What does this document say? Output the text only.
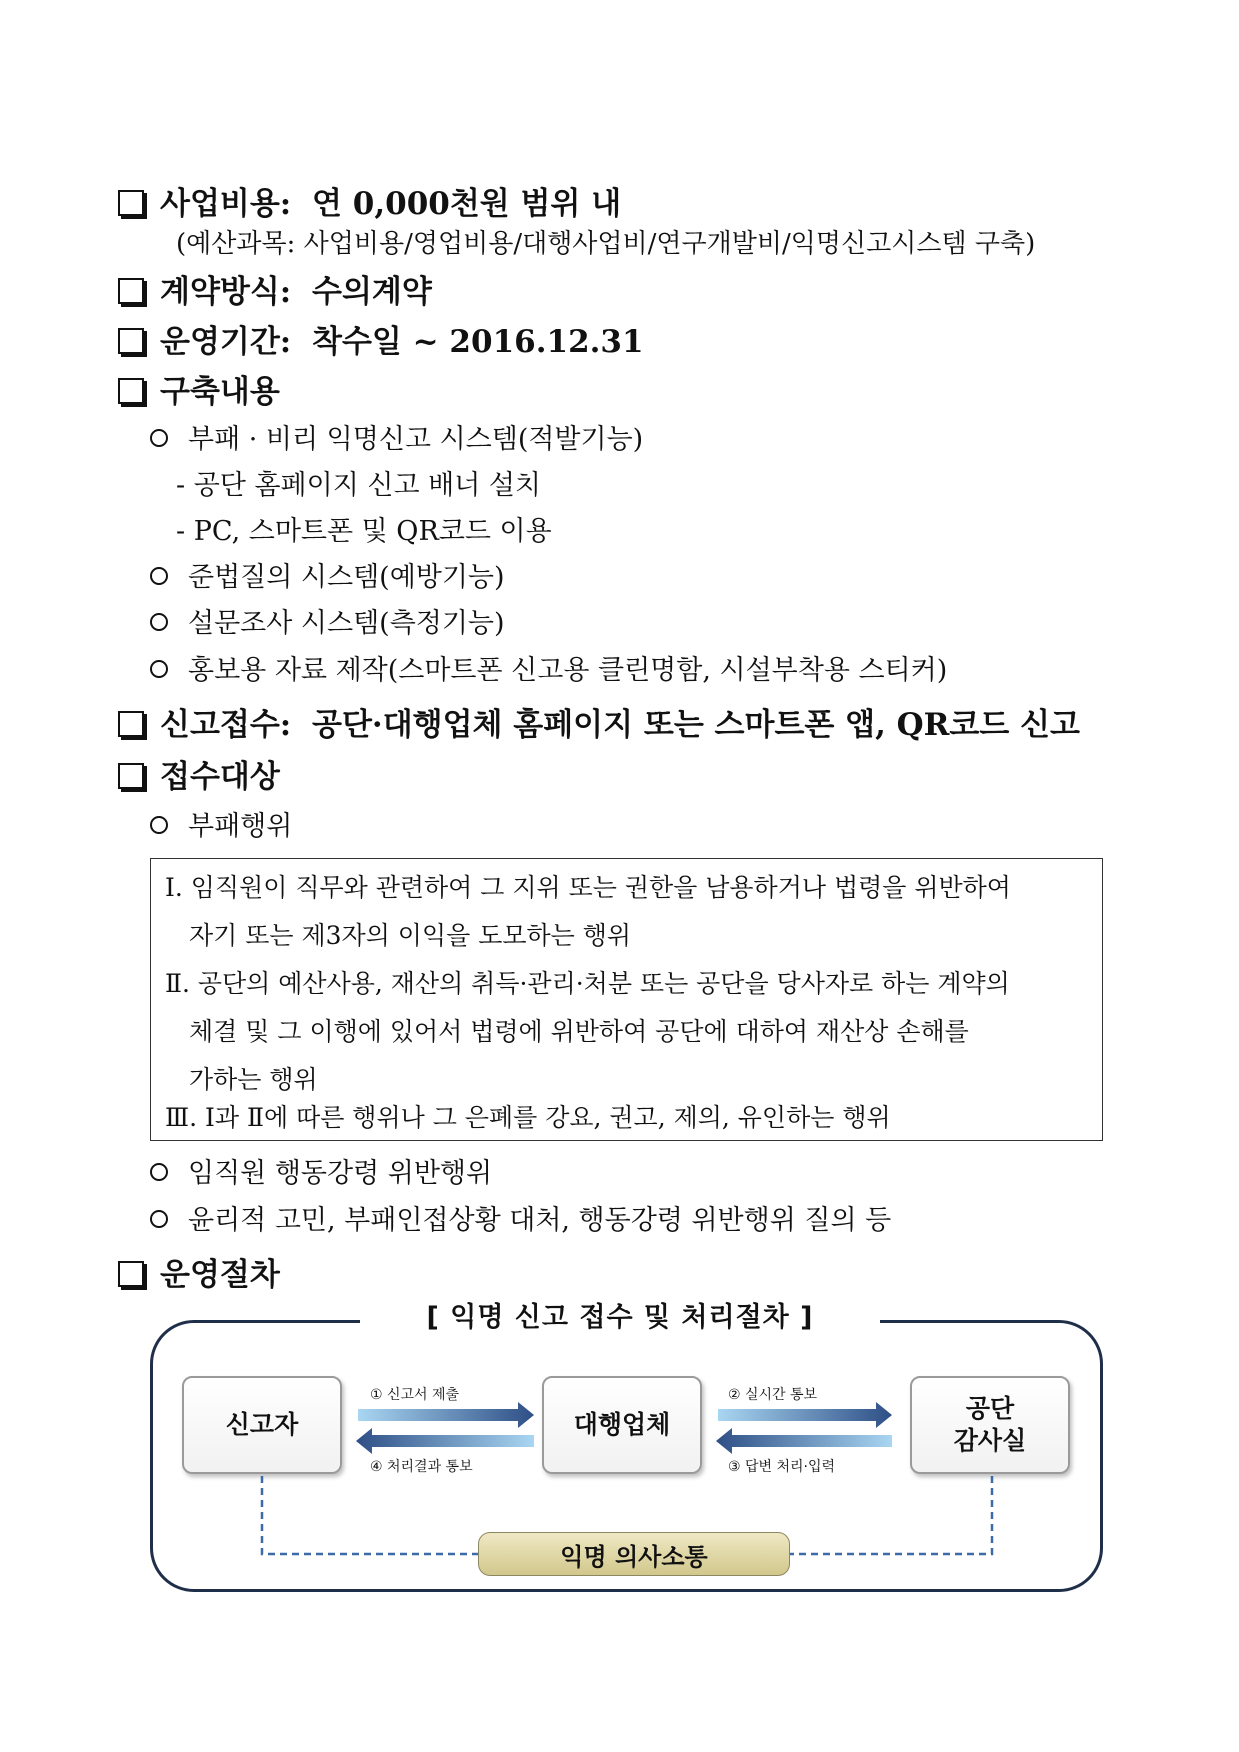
사업비용: 연 0,000천원 범위 내
(예산과목: 사업비용/영업비용/대행사업비/연구개발비/익명신고시스템 구축)
계약방식: 수의계약
운영기간: 착수일 ~ 2016.12.31
구축내용
부패 · 비리 익명신고 시스템(적발기능)
- 공단 홈페이지 신고 배너 설치
- PC, 스마트폰 및 QR코드 이용
준법질의 시스템(예방기능)
설문조사 시스템(측정기능)
홍보용 자료 제작(스마트폰 신고용 클린명함, 시설부착용 스티커)
신고접수: 공단·대행업체 홈페이지 또는 스마트폰 앱, QR코드 신고
접수대상
부패행위
Ⅰ. 임직원이 직무와 관련하여 그 지위 또는 권한을 남용하거나 법령을 위반하여
자기 또는 제3자의 이익을 도모하는 행위
Ⅱ. 공단의 예산사용, 재산의 취득·관리·처분 또는 공단을 당사자로 하는 계약의
체결 및 그 이행에 있어서 법령에 위반하여 공단에 대하여 재산상 손해를
가하는 행위
Ⅲ. Ⅰ과 Ⅱ에 따른 행위나 그 은폐를 강요, 권고, 제의, 유인하는 행위
임직원 행동강령 위반행위
윤리적 고민, 부패인접상황 대처, 행동강령 위반행위 질의 등
운영절차
[ 익명 신고 접수 및 처리절차 ]
신고자	대행업체
공단
감사실
① 신고서 제출	② 실시간 통보
④ 처리결과 통보	③ 답변 처리·입력
익명 의사소통
